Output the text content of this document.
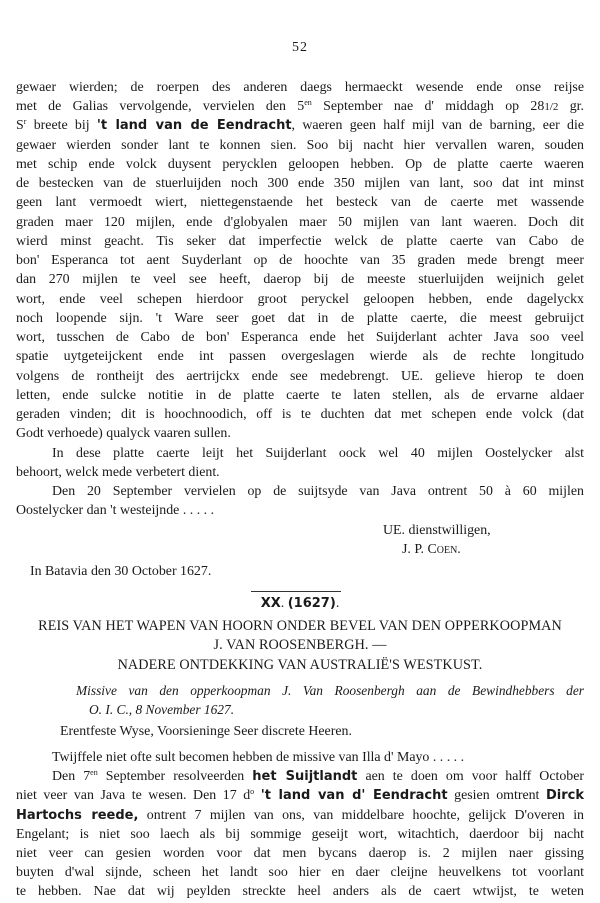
52
gewaer wierden; de roerpen des anderen daegs hermaeckt wesende ende onse reijse
met de Galias vervolgende, vervielen den $5^{en}$ September nae d' middagh op 281/2 gr.
$S^r$ breete bij 't land van de Eendracht, waeren geen half mijl van de barning, eer die
gewaer wierden sonder lant te konnen sien. Soo bij nacht hier vervallen waren, souden
met schip ende volck duysent perycklen geloopen hebben. Op de platte caerte waeren
de bestecken van de stuerluijden noch 300 ende 350 mijlen van lant, soo dat int minst
geen lant vermoedt wiert, niettegenstaende het besteck van de caerte met wassende
graden maer 120 mijlen, ende d'globyalen maer 50 mijlen van lant waeren. Doch dit
wierd minst geacht. Tis seker dat imperfectie welck de platte caerte van Cabo de
bon' Esperanca tot aent Suyderlant op de hoochte van 35 graden mede brengt meer
dan 270 mijlen te veel see heeft, daerop bij de meeste stuerluijden weijnich gelet
wort, ende veel schepen hierdoor groot peryckel geloopen hebben, ende dagelyckx
noch loopende sijn. 't Ware seer goet dat in de platte caerte, die meest gebruijct
wort, tusschen de Cabo de bon' Esperanca ende het Suijderlant achter Java soo veel
spatie uytgeteijckent ende int passen overgeslagen wierde als de rechte longitudo
volgens de rontheijt des aertrijckx ende see medebrengt. UE. gelieve hierop te doen
letten, ende sulcke notitie in de platte caerte te laten stellen, als de ervarne aldaer
geraden vinden; dit is hoochnoodich, off is te duchten dat met schepen ende volck (dat
Godt verhoede) qualyck vaaren sullen.
In dese platte caerte leijt het Suijderlant oock wel 40 mijlen Oostelycker alst
behoort, welck mede verbetert dient.
Den 20 September vervielen op de suijtsyde van Java ontrent 50 à 60 mijlen
Oostelycker dan 't westeijnde . . . . .
UE. dienstwilligen,
J. P. Coen.
In Batavia den 30 October 1627.
XX. (1627).
REIS VAN HET WAPEN VAN HOORN ONDER BEVEL VAN DEN OPPERKOOPMAN
J. VAN ROOSENBERGH. —
NADERE ONTDEKKING VAN AUSTRALIË'S WESTKUST.
Missive van den opperkoopman J. Van Roosenbergh aan de Bewindhebbers der
O. I. C., 8 November 1627.
Erentfeste Wyse, Voorsieninge Seer discrete Heeren.
Twijffele niet ofte sult becomen hebben de missive van Illa d' Mayo . . . . .
Den $7^{en}$ September resolveerden het Suijtlandt aen te doen om voor halff October
niet veer van Java te wesen. Den 17 $d^o$ 't land van d' Eendracht gesien omtrent Dirck
Hartochs reede, ontrent 7 mijlen van ons, van middelbare hoochte, gelijck D'overen in
Engelant; is niet soo laech als bij sommige geseijt wort, witachtich, daerdoor bij nacht
niet veer can gesien worden voor dat men bycans daerop is. 2 mijlen naer gissing
buyten d'wal sijnde, scheen het landt soo hier en daer cleijne heuvelkens tot voorlant
te hebben. Nae dat wij peylden streckte heel anders als de caert wtwijst, te weten
